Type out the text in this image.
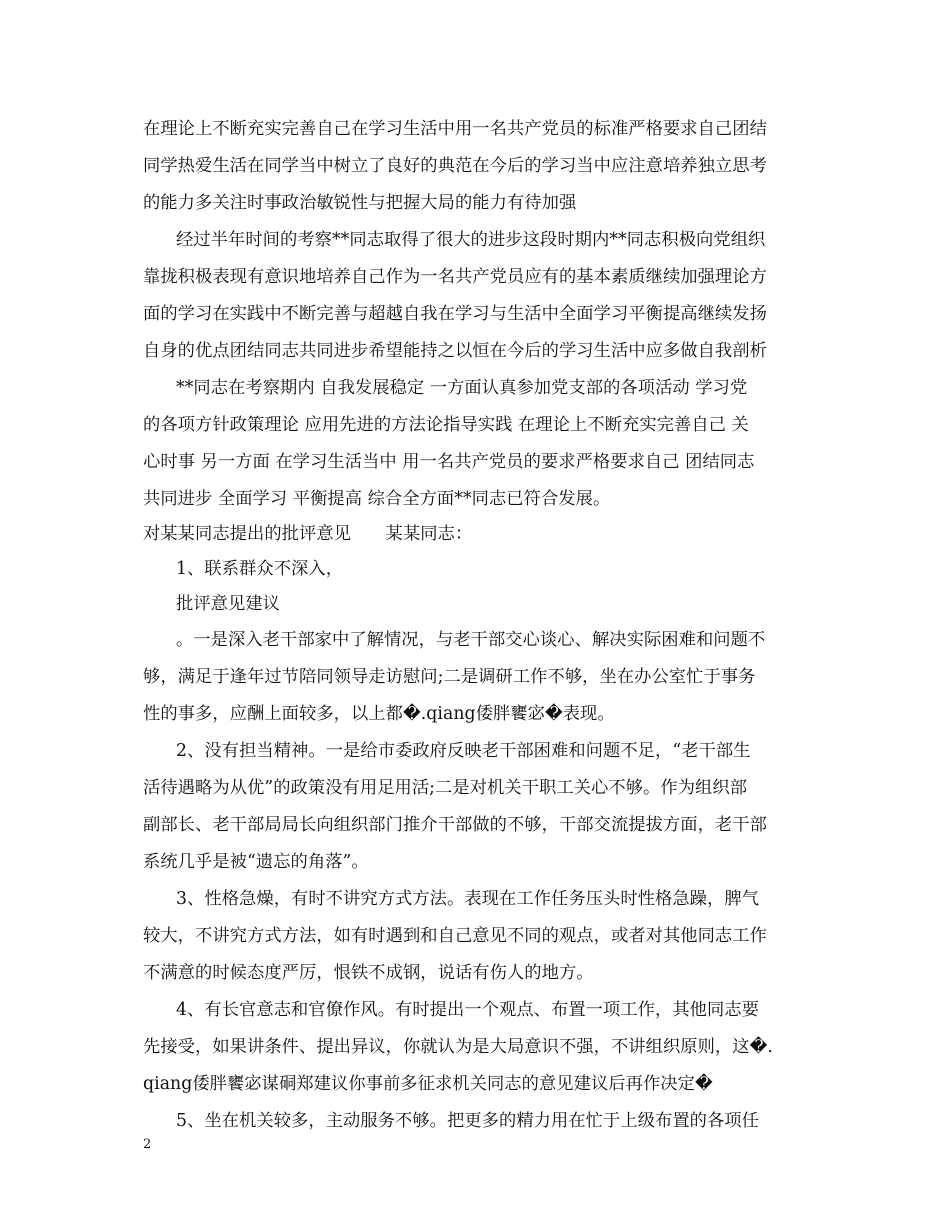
在理论上不断充实完善自己在学习生活中用一名共产党员的标准严格要求自己团结
同学热爱生活在同学当中树立了良好的典范在今后的学习当中应注意培养独立思考
的能力多关注时事政治敏锐性与把握大局的能力有待加强
经过半年时间的考察**同志取得了很大的进步这段时期内**同志积极向党组织
靠拢积极表现有意识地培养自己作为一名共产党员应有的基本素质继续加强理论方
面的学习在实践中不断完善与超越自我在学习与生活中全面学习平衡提高继续发扬
自身的优点团结同志共同进步希望能持之以恒在今后的学习生活中应多做自我剖析
**同志在考察期内 自我发展稳定 一方面认真参加党支部的各项活动 学习党
的各项方针政策理论 应用先进的方法论指导实践 在理论上不断充实完善自己 关
心时事 另一方面 在学习生活当中 用一名共产党员的要求严格要求自己 团结同志
共同进步 全面学习 平衡提高 综合全方面**同志已符合发展。
对某某同志提出的批评意见　　某某同志：
1、联系群众不深入，
批评意见建议
。一是深入老干部家中了解情况，与老干部交心谈心、解决实际困难和问题不
够，满足于逢年过节陪同领导走访慰问;二是调研工作不够，坐在办公室忙于事务
性的事多，应酬上面较多，以上都�.qiang倭胖饔宓�表现。
2、没有担当精神。一是给市委政府反映老干部困难和问题不足，“老干部生
活待遇略为从优”的政策没有用足用活;二是对机关干职工关心不够。作为组织部
副部长、老干部局局长向组织部门推介干部做的不够，干部交流提拔方面，老干部
系统几乎是被“遗忘的角落”。
3、性格急燥，有时不讲究方式方法。表现在工作任务压头时性格急躁，脾气
较大，不讲究方式方法，如有时遇到和自己意见不同的观点，或者对其他同志工作
不满意的时候态度严厉，恨铁不成钢，说话有伤人的地方。
4、有长官意志和官僚作风。有时提出一个观点、布置一项工作，其他同志要
先接受，如果讲条件、提出异议，你就认为是大局意识不强，不讲组织原则，这�.
qiang倭胖饔宓谋硐郑建议你事前多征求机关同志的意见建议后再作决定�
5、坐在机关较多，主动服务不够。把更多的精力用在忙于上级布置的各项任
2
